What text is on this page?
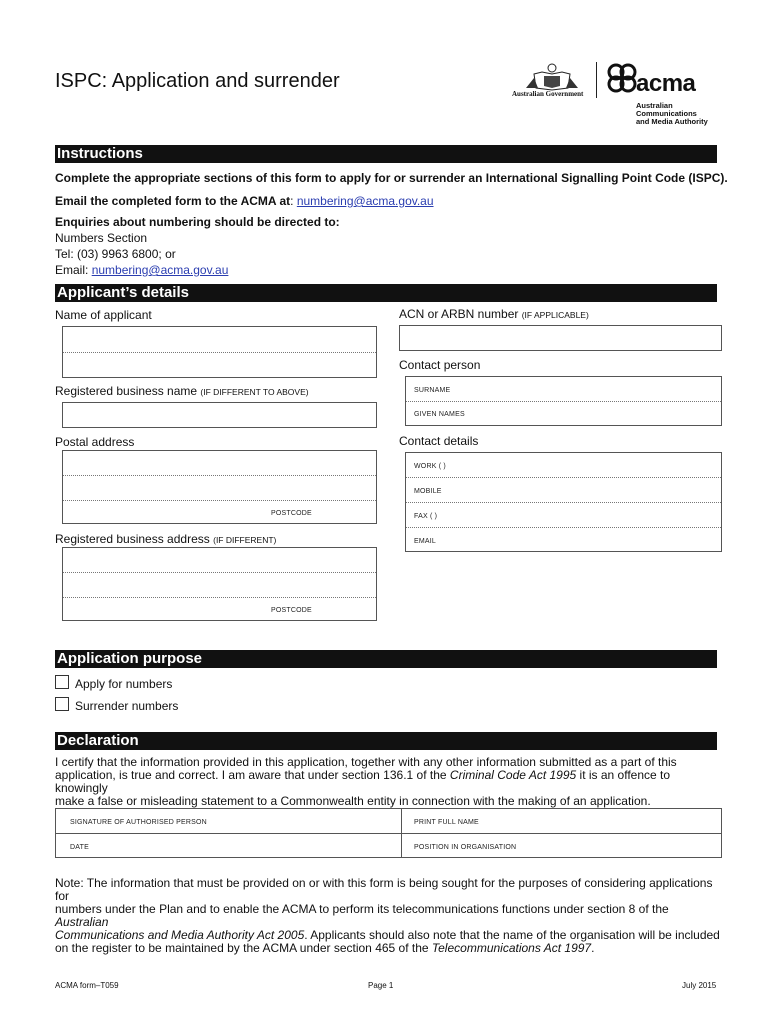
ISPC: Application and surrender
Australian Government acma
Australian
Communications
and Media Authority
Instructions
Complete the appropriate sections of this form to apply for or surrender an International Signalling Point Code (ISPC).
Email the completed form to the ACMA at: numbering@acma.gov.au
Enquiries about numbering should be directed to:
Numbers Section
Tel: (03) 9963 6800; or
Email: numbering@acma.gov.au
Applicant’s details
Name of applicant	ACN or ARBN number (IF APPLICABLE)
Contact person
SURNAME
GIVEN NAMES
Registered business name (IF DIFFERENT TO ABOVE)
Postal address
POSTCODE
Contact details
WORK ( )
MOBILE
FAX ( )
EMAIL
Registered business address (IF DIFFERENT)
POSTCODE
Application purpose
Apply for numbers
Surrender numbers
Declaration
I certify that the information provided in this application, together with any other information submitted as a part of this
application, is true and correct. I am aware that under section 136.1 of the Criminal Code Act 1995 it is an offence to knowingly
make a false or misleading statement to a Commonwealth entity in connection with the making of an application.
SIGNATURE OF AUTHORISED PERSON	PRINT FULL NAME
DATE	POSITION IN ORGANISATION
Note: The information that must be provided on or with this form is being sought for the purposes of considering applications for
numbers under the Plan and to enable the ACMA to perform its telecommunications functions under section 8 of the Australian
Communications and Media Authority Act 2005. Applicants should also note that the name of the organisation will be included
on the register to be maintained by the ACMA under section 465 of the Telecommunications Act 1997.
ACMA form–T059	Page 1	July 2015
